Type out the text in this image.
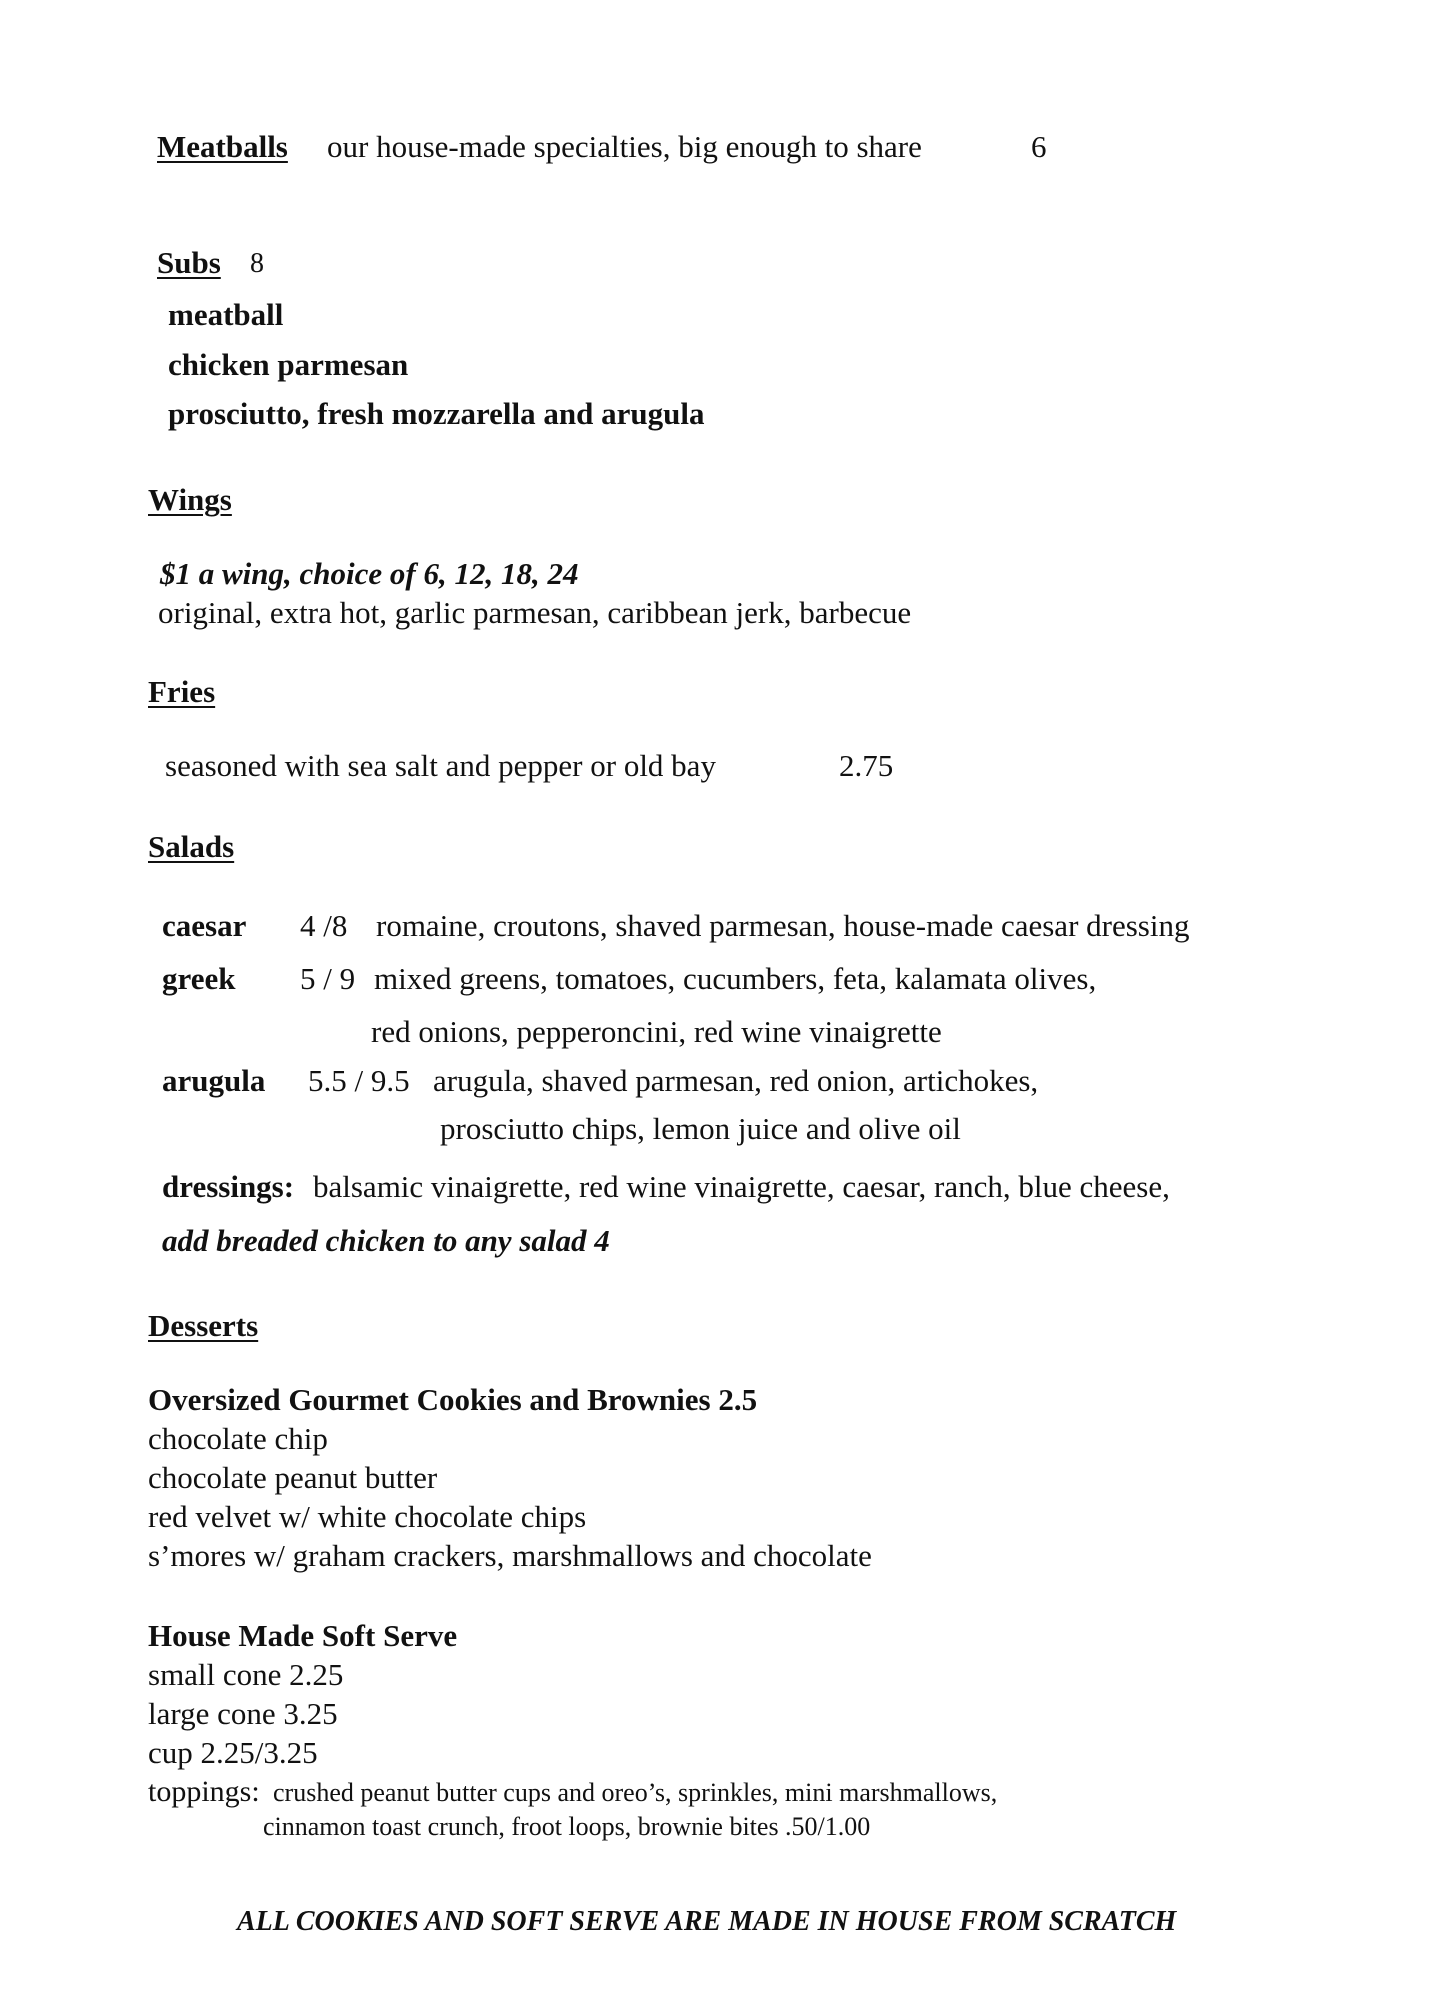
Meatballs our house-made specialties, big enough to share	6
Subs 8
meatball
chicken parmesan
prosciutto, fresh mozzarella and arugula
Wings
$1 a wing, choice of 6, 12, 18, 24
original, extra hot, garlic parmesan, caribbean jerk, barbecue
Fries
seasoned with sea salt and pepper or old bay	2.75
Salads
caesar 4 /8 romaine, croutons, shaved parmesan, house-made caesar dressing
greek 5 / 9 mixed greens, tomatoes, cucumbers, feta, kalamata olives,
red onions, pepperoncini, red wine vinaigrette
arugula 5.5 / 9.5 arugula, shaved parmesan, red onion, artichokes,
prosciutto chips, lemon juice and olive oil
dressings: balsamic vinaigrette, red wine vinaigrette, caesar, ranch, blue cheese,
add breaded chicken to any salad 4
Desserts
Oversized Gourmet Cookies and Brownies 2.5
chocolate chip
chocolate peanut butter
red velvet w/ white chocolate chips
s’mores w/ graham crackers, marshmallows and chocolate
House Made Soft Serve
small cone 2.25
large cone 3.25
cup 2.25/3.25
toppings: crushed peanut butter cups and oreo’s, sprinkles, mini marshmallows,
cinnamon toast crunch, froot loops, brownie bites .50/1.00
ALL COOKIES AND SOFT SERVE ARE MADE IN HOUSE FROM SCRATCH
